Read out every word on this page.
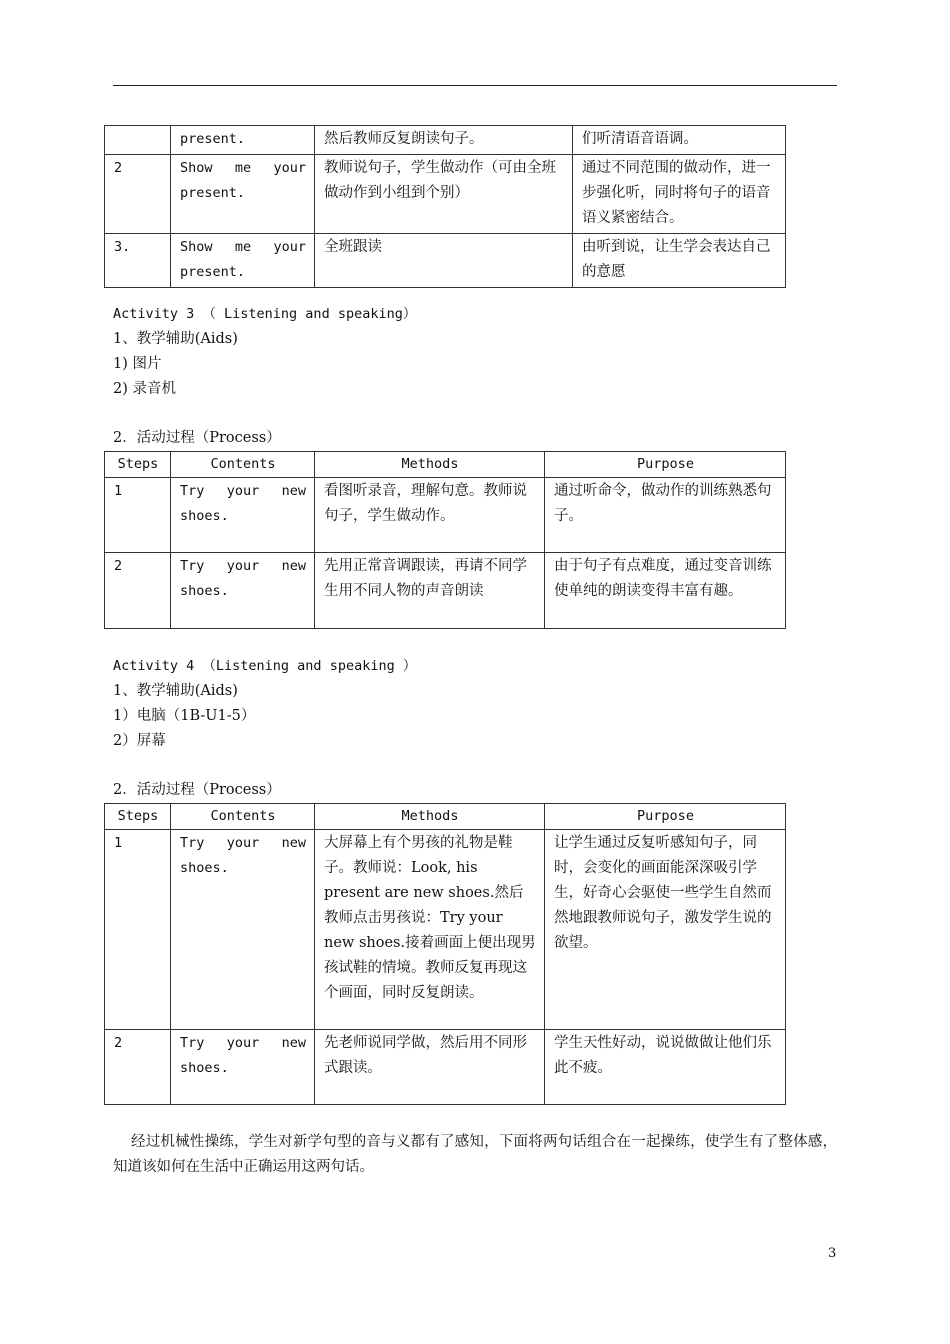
	present.	然后教师反复朗读句子。	们听清语音语调。
2	Show me your present.	教师说句子，学生做动作（可由全班做动作到小组到个别）	通过不同范围的做动作，进一步强化听，同时将句子的语音语义紧密结合。
3.	Show me your present.	全班跟读	由听到说，让生学会表达自己的意愿
Activity 3 （ Listening and speaking）
1、教学辅助(Aids)
1) 图片
2) 录音机
2．活动过程（Process）
Steps	Contents	Methods	Purpose
1	Try your new shoes.	看图听录音，理解句意。教师说句子，学生做动作。	通过听命令，做动作的训练熟悉句子。
2	Try your new shoes.	先用正常音调跟读，再请不同学生用不同人物的声音朗读	由于句子有点难度，通过变音训练使单纯的朗读变得丰富有趣。
Activity 4 （Listening and speaking ）
1、教学辅助(Aids)
1）电脑（1B-U1-5）
2）屏幕
2．活动过程（Process）
Steps	Contents	Methods	Purpose
1	Try your new shoes.	大屏幕上有个男孩的礼物是鞋子。教师说：Look, his present are new shoes.然后教师点击男孩说：Try your new shoes.接着画面上便出现男孩试鞋的情境。教师反复再现这个画面，同时反复朗读。	让学生通过反复听感知句子，同时，会变化的画面能深深吸引学生，好奇心会驱使一些学生自然而然地跟教师说句子，激发学生说的欲望。
2	Try your new shoes.	先老师说同学做，然后用不同形式跟读。	学生天性好动，说说做做让他们乐此不疲。
经过机械性操练，学生对新学句型的音与义都有了感知，下面将两句话组合在一起操练，使学生有了整体感，知道该如何在生活中正确运用这两句话。
3
